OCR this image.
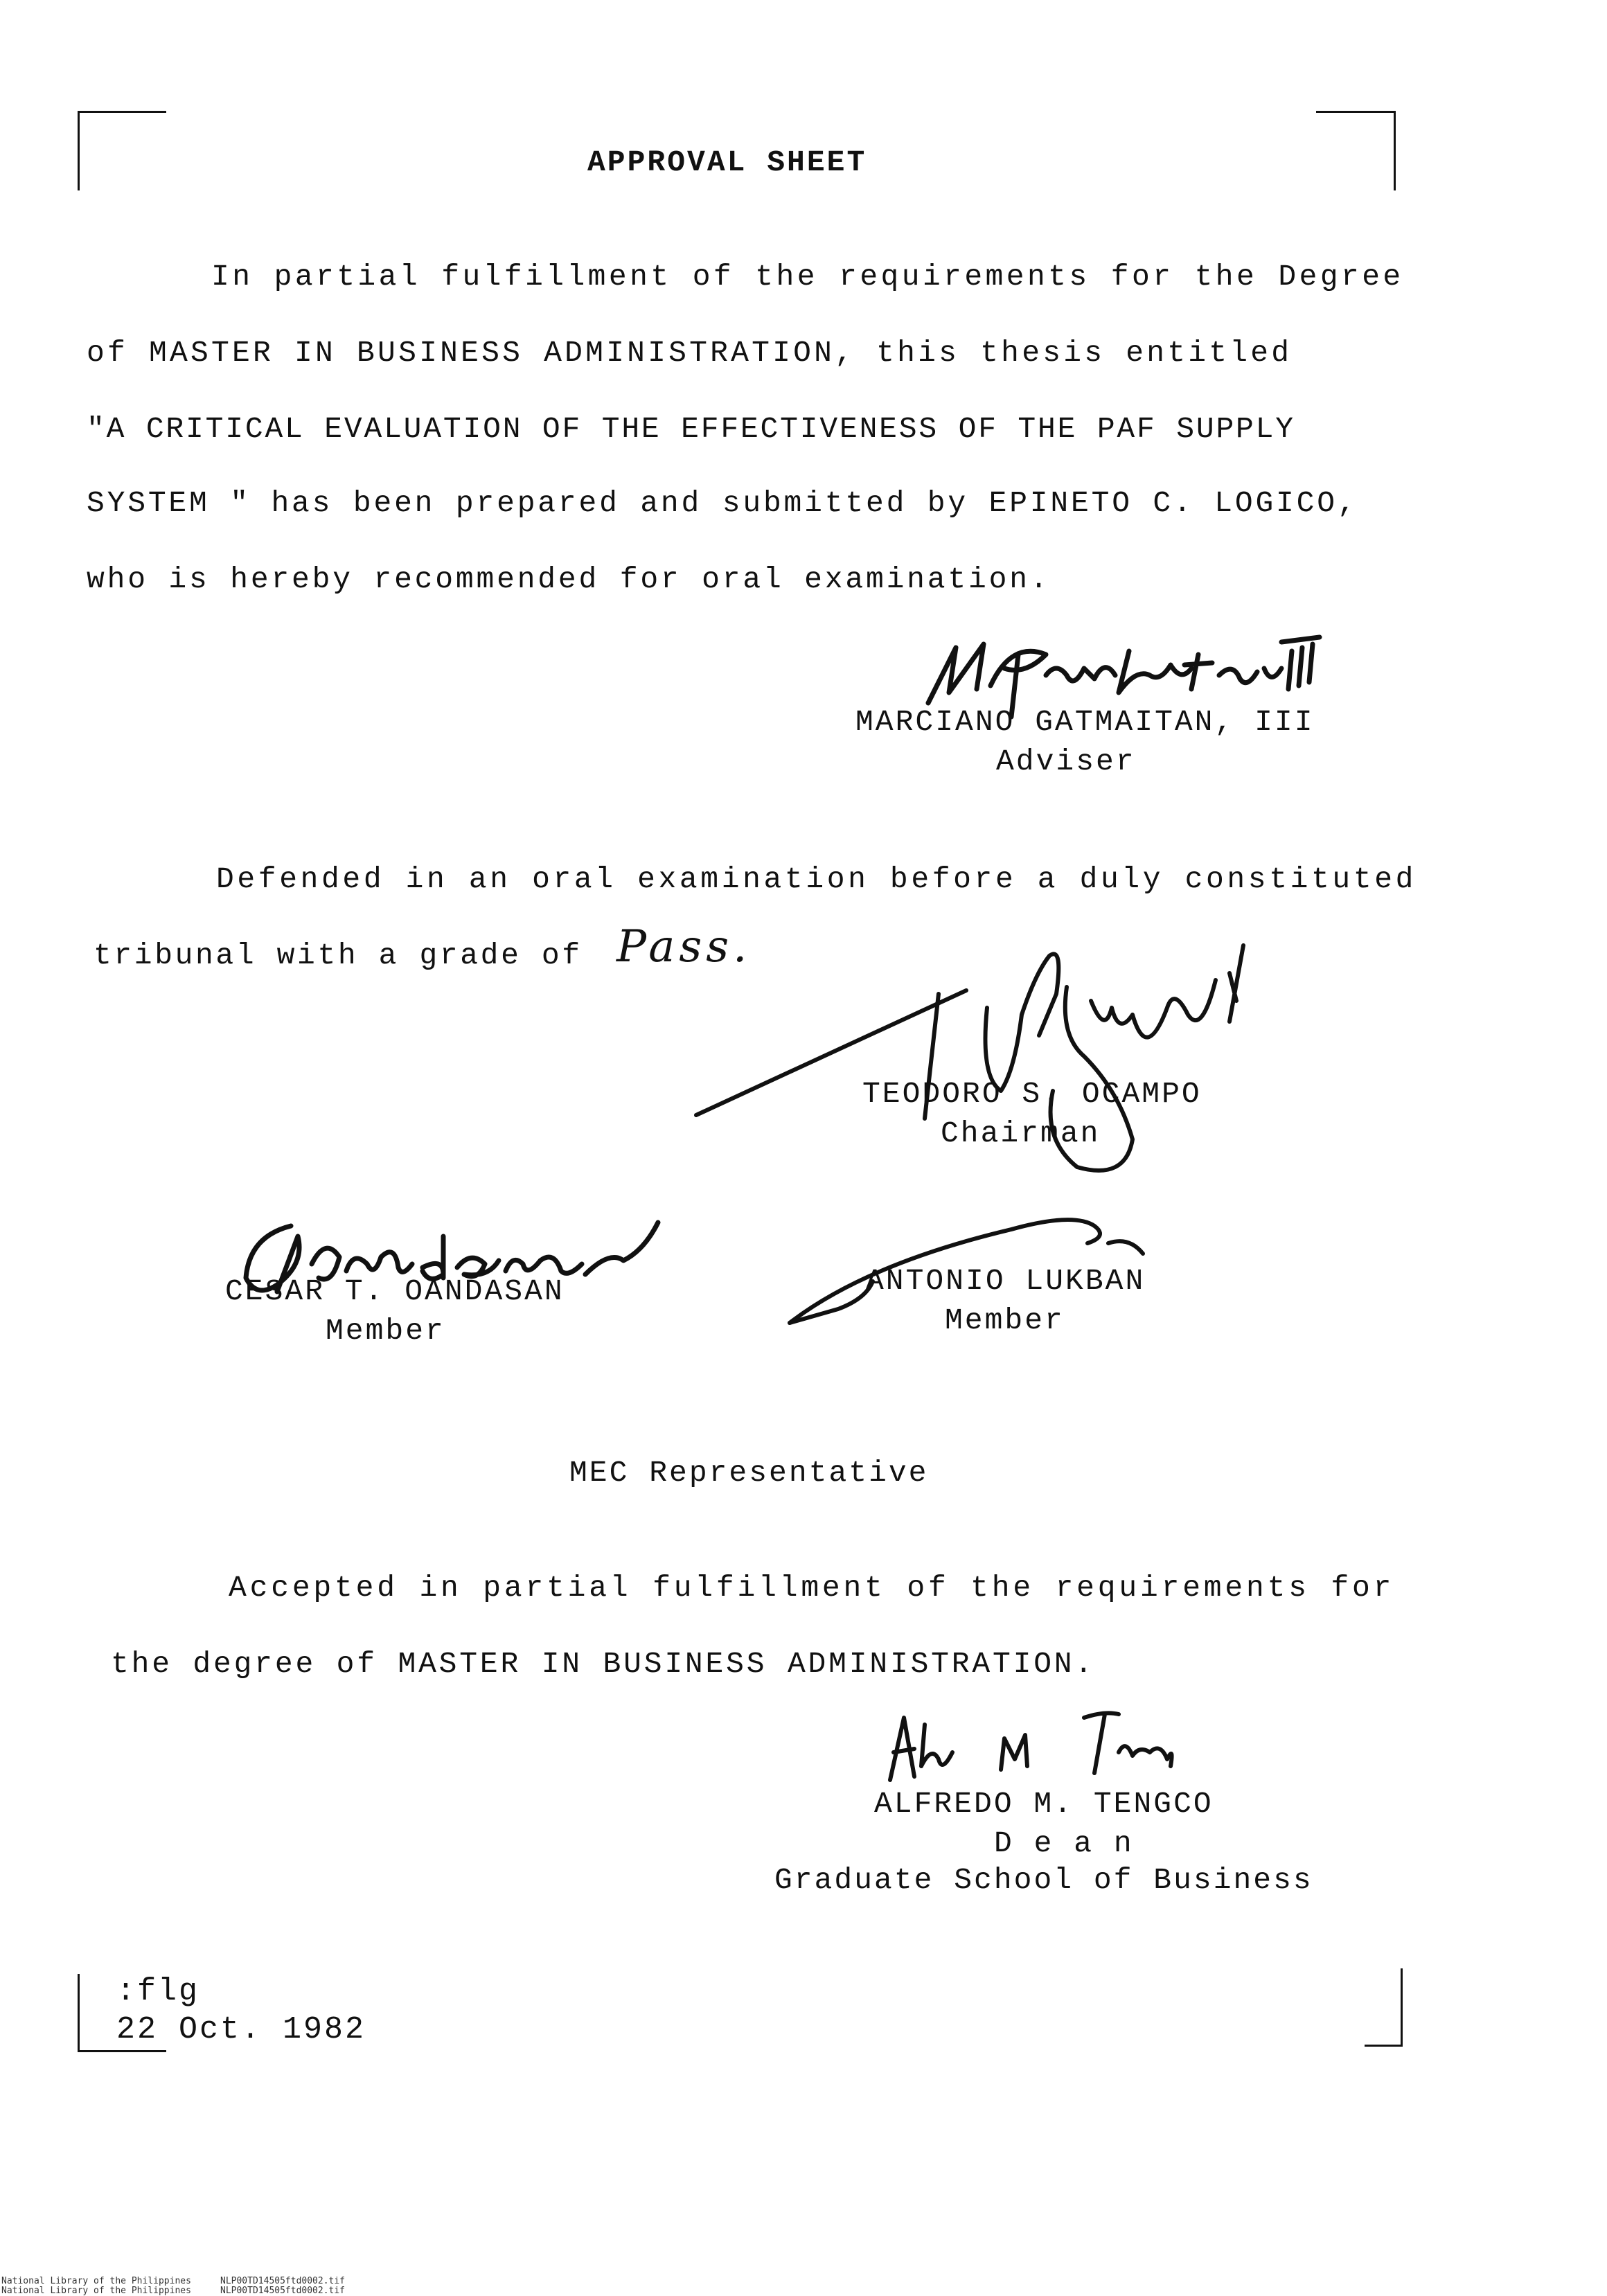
APPROVAL SHEET
In partial fulfillment of the requirements for the Degree
of MASTER IN BUSINESS ADMINISTRATION, this thesis entitled
"A CRITICAL EVALUATION OF THE EFFECTIVENESS OF THE PAF SUPPLY
SYSTEM " has been prepared and submitted by EPINETO C. LOGICO,
who is hereby recommended for oral examination.
MARCIANO GATMAITAN, III
Adviser
Defended in an oral examination before a duly constituted
tribunal with a grade of Pass.
TEODORO S. OCAMPO
Chairman
CESAR T. OANDASAN
Member
ANTONIO LUKBAN
Member
MEC Representative
Accepted in partial fulfillment of the requirements for
the degree of MASTER IN BUSINESS ADMINISTRATION.
ALFREDO M. TENGCO
D e a n
Graduate School of Business
:flg
22 Oct. 1982
National Library of the Philippines	NLP00TD14505ftd0002.tif
National Library of the Philippines	NLP00TD14505ftd0002.tif
